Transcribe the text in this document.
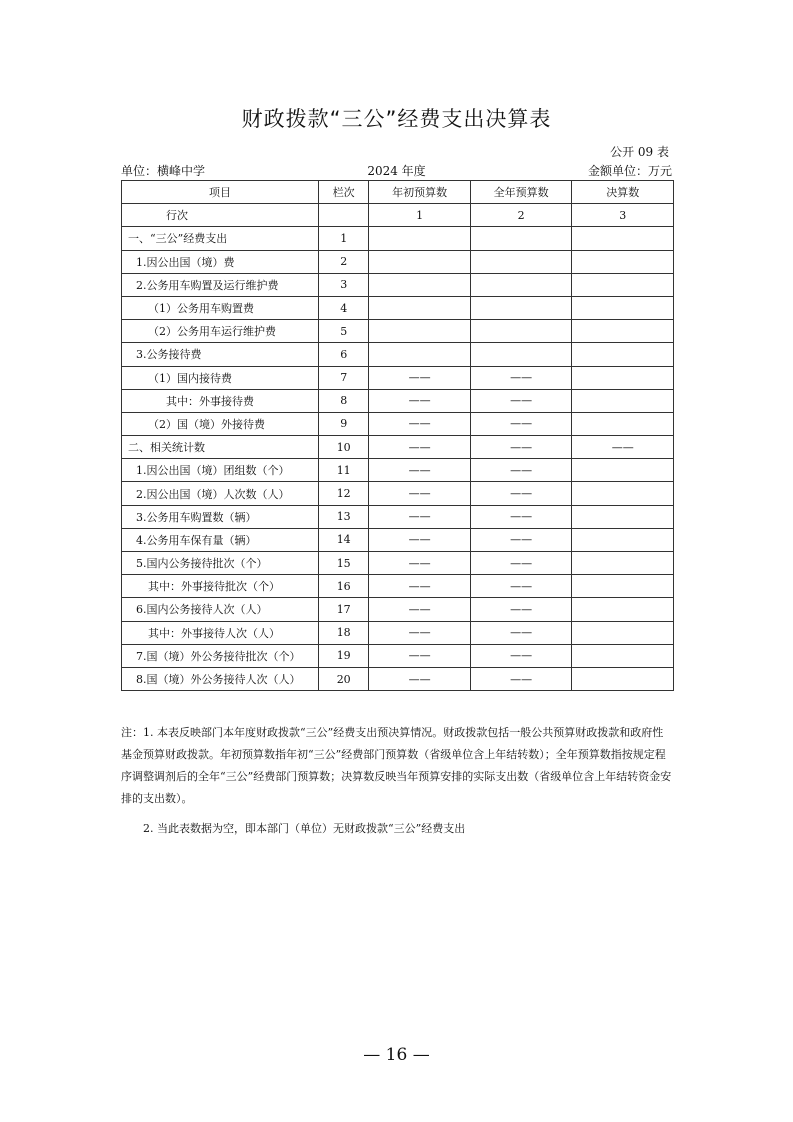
财政拨款“三公”经费支出决算表
公开 09 表
单位：横峰中学	2024 年度	金额单位：万元
项目	栏次	年初预算数	全年预算数	决算数
行次		1	2	3
一、“三公”经费支出	1			
1.因公出国（境）费	2			
2.公务用车购置及运行维护费	3			
（1）公务用车购置费	4			
（2）公务用车运行维护费	5			
3.公务接待费	6			
（1）国内接待费	7	——	——	
其中：外事接待费	8	——	——	
（2）国（境）外接待费	9	——	——	
二、相关统计数	10	——	——	——
1.因公出国（境）团组数（个）	11	——	——	
2.因公出国（境）人次数（人）	12	——	——	
3.公务用车购置数（辆）	13	——	——	
4.公务用车保有量（辆）	14	——	——	
5.国内公务接待批次（个）	15	——	——	
其中：外事接待批次（个）	16	——	——	
6.国内公务接待人次（人）	17	——	——	
其中：外事接待人次（人）	18	——	——	
7.国（境）外公务接待批次（个）	19	——	——	
8.国（境）外公务接待人次（人）	20	——	——	

注：1. 本表反映部门本年度财政拨款“三公”经费支出预决算情况。财政拨款包括一般公共预算财政拨款和政府性基金预算财政拨款。年初预算数指年初“三公”经费部门预算数（省级单位含上年结转数）；全年预算数指按规定程序调整调剂后的全年“三公”经费部门预算数；决算数反映当年预算安排的实际支出数（省级单位含上年结转资金安排的支出数）。

2. 当此表数据为空，即本部门（单位）无财政拨款“三公”经费支出

— 16 —
